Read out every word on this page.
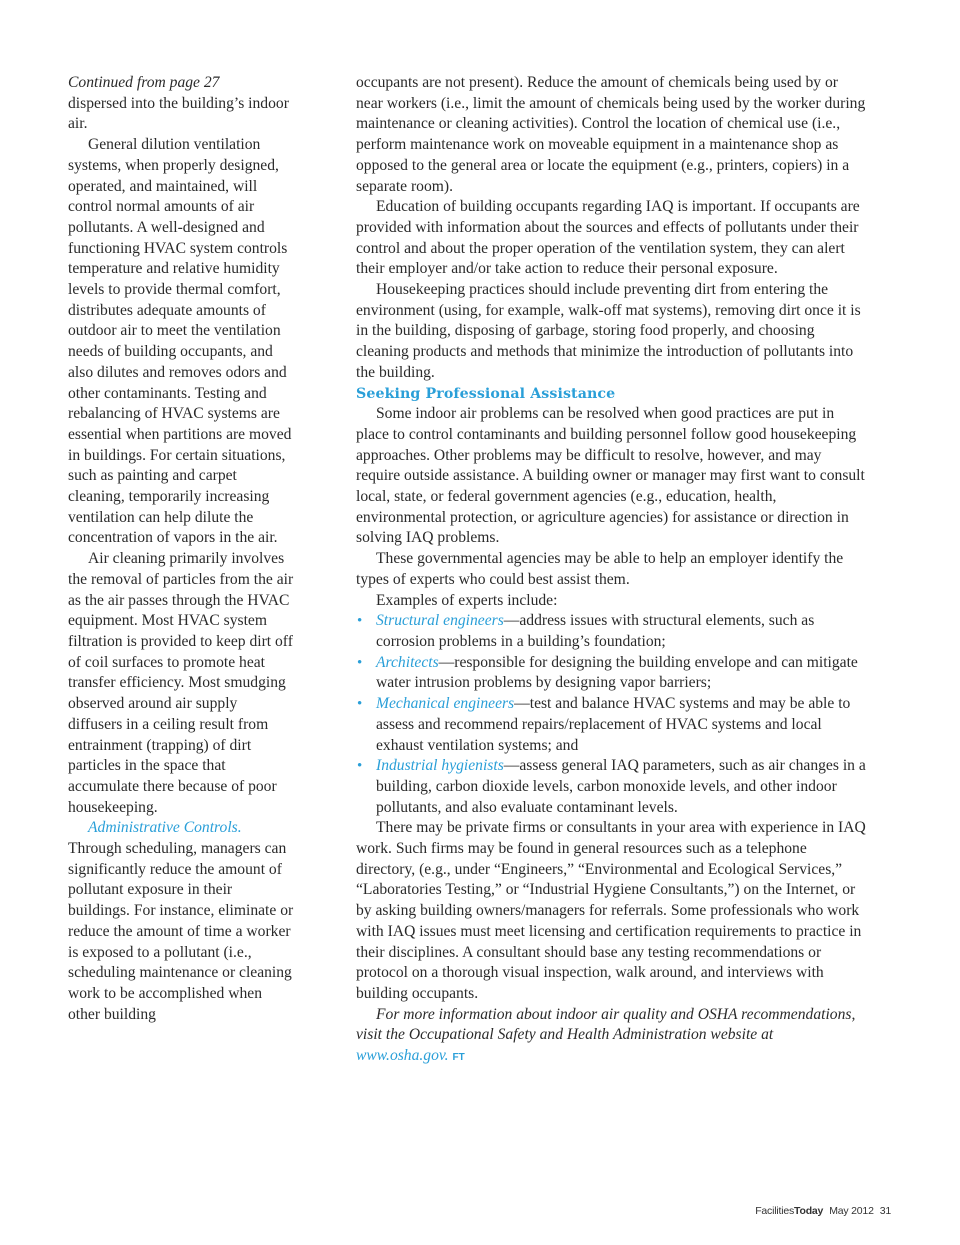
Continued from page 27

dispersed into the building’s indoor air.

General dilution ventilation systems, when properly designed, operated, and maintained, will control normal amounts of air pollutants. A well-designed and functioning HVAC system controls temperature and relative humidity levels to provide thermal comfort, distributes adequate amounts of outdoor air to meet the ventilation needs of building occupants, and also dilutes and removes odors and other contaminants. Testing and rebalancing of HVAC systems are essential when partitions are moved in buildings. For certain situations, such as painting and carpet cleaning, temporarily increasing ventilation can help dilute the concentration of vapors in the air.

Air cleaning primarily involves the removal of particles from the air as the air passes through the HVAC equipment. Most HVAC system filtration is provided to keep dirt off of coil surfaces to promote heat transfer efficiency. Most smudging observed around air supply diffusers in a ceiling result from entrainment (trapping) of dirt particles in the space that accumulate there because of poor housekeeping.

Administrative Controls.

Through scheduling, managers can significantly reduce the amount of pollutant exposure in their buildings. For instance, eliminate or reduce the amount of time a worker is exposed to a pollutant (i.e., scheduling maintenance or cleaning work to be accomplished when other building

occupants are not present). Reduce the amount of chemicals being used by or near workers (i.e., limit the amount of chemicals being used by the worker during maintenance or cleaning activities). Control the location of chemical use (i.e., perform maintenance work on moveable equipment in a maintenance shop as opposed to the general area or locate the equipment (e.g., printers, copiers) in a separate room).

Education of building occupants regarding IAQ is important. If occupants are provided with information about the sources and effects of pollutants under their control and about the proper operation of the ventilation system, they can alert their employer and/or take action to reduce their personal exposure.

Housekeeping practices should include preventing dirt from entering the environment (using, for example, walk-off mat systems), removing dirt once it is in the building, disposing of garbage, storing food properly, and choosing cleaning products and methods that minimize the introduction of pollutants into the building.

Seeking Professional Assistance

Some indoor air problems can be resolved when good practices are put in place to control contaminants and building personnel follow good housekeeping approaches. Other problems may be difficult to resolve, however, and may require outside assistance. A building owner or manager may first want to consult local, state, or federal government agencies (e.g., education, health, environmental protection, or agriculture agencies) for assistance or direction in solving IAQ problems.

These governmental agencies may be able to help an employer identify the types of experts who could best assist them.

Examples of experts include:

• Structural engineers—address issues with structural elements, such as corrosion problems in a building’s foundation;
• Architects—responsible for designing the building envelope and can mitigate water intrusion problems by designing vapor barriers;
• Mechanical engineers—test and balance HVAC systems and may be able to assess and recommend repairs/replacement of HVAC systems and local exhaust ventilation systems; and
• Industrial hygienists—assess general IAQ parameters, such as air changes in a building, carbon dioxide levels, carbon monoxide levels, and other indoor pollutants, and also evaluate contaminant levels.

There may be private firms or consultants in your area with experience in IAQ work. Such firms may be found in general resources such as a telephone directory, (e.g., under “Engineers,” “Environmental and Ecological Services,” “Laboratories Testing,” or “Industrial Hygiene Consultants,”) on the Internet, or by asking building owners/managers for referrals. Some professionals who work with IAQ issues must meet licensing and certification requirements to practice in their disciplines. A consultant should base any testing recommendations or protocol on a thorough visual inspection, walk around, and interviews with building occupants.

For more information about indoor air quality and OSHA recommendations, visit the Occupational Safety and Health Administration website at www.osha.gov. FT

FacilitiesToday May 2012 31
